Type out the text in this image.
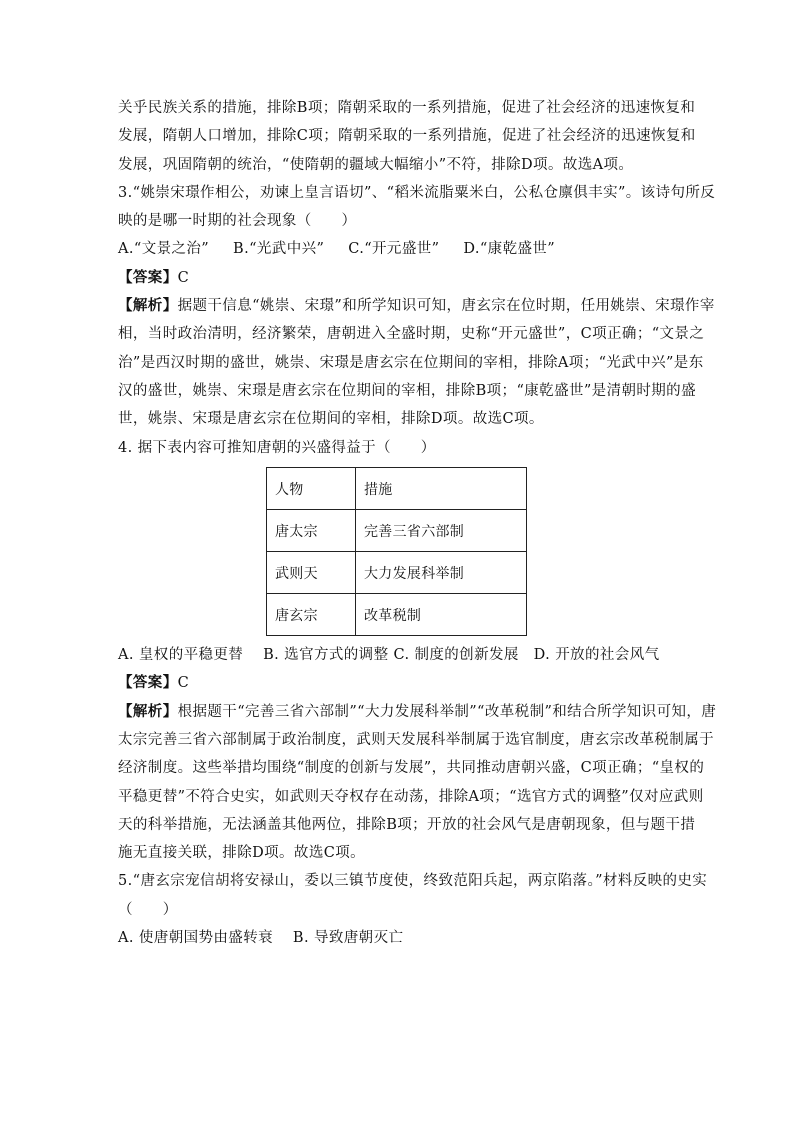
关乎民族关系的措施，排除B项；隋朝采取的一系列措施，促进了社会经济的迅速恢复和
发展，隋朝人口增加，排除C项；隋朝采取的一系列措施，促进了社会经济的迅速恢复和
发展，巩固隋朝的统治，“使隋朝的疆域大幅缩小”不符，排除D项。故选A项。
3.“姚崇宋璟作相公，劝谏上皇言语切”、“稻米流脂粟米白，公私仓廪俱丰实”。该诗句所反
映的是哪一时期的社会现象（　　）
A.“文景之治”　 B.“光武中兴”　 C.“开元盛世”　 D.“康乾盛世”
【答案】C
【解析】据题干信息“姚崇、宋璟”和所学知识可知，唐玄宗在位时期，任用姚崇、宋璟作宰
相，当时政治清明，经济繁荣，唐朝进入全盛时期，史称“开元盛世”，C项正确；“文景之
治”是西汉时期的盛世，姚崇、宋璟是唐玄宗在位期间的宰相，排除A项；“光武中兴”是东
汉的盛世，姚崇、宋璟是唐玄宗在位期间的宰相，排除B项；“康乾盛世”是清朝时期的盛
世，姚崇、宋璟是唐玄宗在位期间的宰相，排除D项。故选C项。
4. 据下表内容可推知唐朝的兴盛得益于（　　）
人物	措施
唐太宗	完善三省六部制
武则天	大力发展科举制
唐玄宗	改革税制
A. 皇权的平稳更替　 B. 选官方式的调整 C. 制度的创新发展　D. 开放的社会风气
【答案】C
【解析】根据题干“完善三省六部制”“大力发展科举制”“改革税制”和结合所学知识可知，唐
太宗完善三省六部制属于政治制度，武则天发展科举制属于选官制度，唐玄宗改革税制属于
经济制度。这些举措均围绕“制度的创新与发展”，共同推动唐朝兴盛，C项正确；“皇权的
平稳更替”不符合史实，如武则天夺权存在动荡，排除A项；“选官方式的调整”仅对应武则
天的科举措施，无法涵盖其他两位，排除B项；开放的社会风气是唐朝现象，但与题干措
施无直接关联，排除D项。故选C项。
5.“唐玄宗宠信胡将安禄山，委以三镇节度使，终致范阳兵起，两京陷落。”材料反映的史实
（　　）
A. 使唐朝国势由盛转衰　 B. 导致唐朝灭亡
